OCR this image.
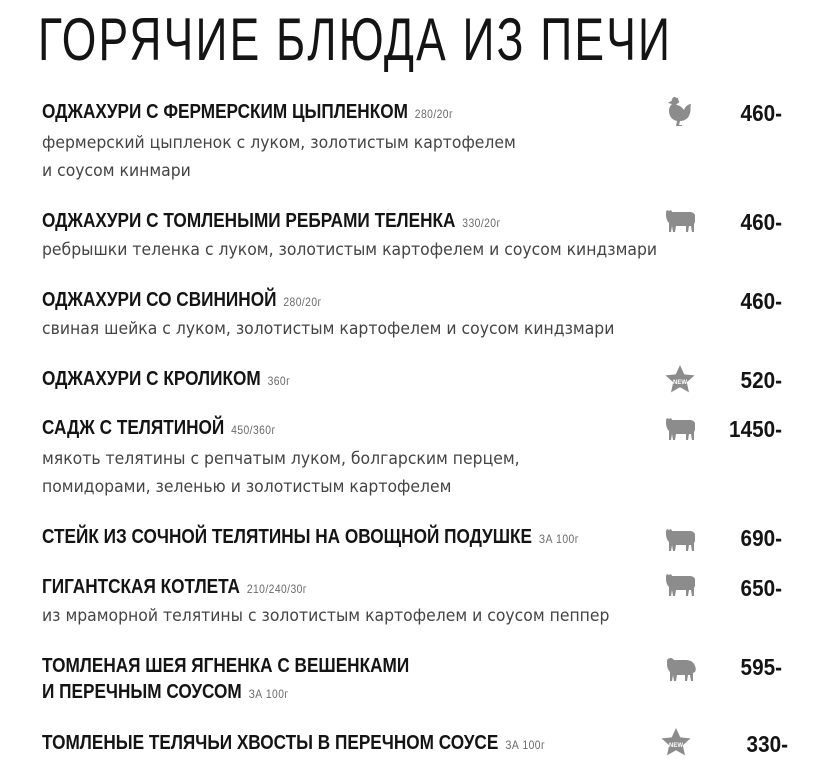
ГОРЯЧИЕ БЛЮДА ИЗ ПЕЧИ
ОДЖАХУРИ С ФЕРМЕРСКИМ ЦЫПЛЕНКОМ 280/20г
фермерский цыпленок с луком, золотистым картофелем
и соусом кинмари
460-
ОДЖАХУРИ С ТОМЛЕНЫМИ РЕБРАМИ ТЕЛЕНКА 330/20г
ребрышки теленка с луком, золотистым картофелем и соусом киндзмари
460-
ОДЖАХУРИ СО СВИНИНОЙ 280/20г
свиная шейка с луком, золотистым картофелем и соусом киндзмари
460-
ОДЖАХУРИ С КРОЛИКОМ 360г	NEW	520-
САДЖ С ТЕЛЯТИНОЙ 450/360г
мякоть телятины с репчатым луком, болгарским перцем,
помидорами, зеленью и золотистым картофелем
1450-
СТЕЙК ИЗ СОЧНОЙ ТЕЛЯТИНЫ НА ОВОЩНОЙ ПОДУШКЕ ЗА 100г	690-
ГИГАНТСКАЯ КОТЛЕТА 210/240/30г
из мраморной телятины с золотистым картофелем и соусом пеппер
650-
ТОМЛЕНАЯ ШЕЯ ЯГНЕНКА С ВЕШЕНКАМИ
И ПЕРЕЧНЫМ СОУСОМ ЗА 100г
595-
ТОМЛЕНЫЕ ТЕЛЯЧЬИ ХВОСТЫ В ПЕРЕЧНОМ СОУСЕ ЗА 100г	NEW	330-
